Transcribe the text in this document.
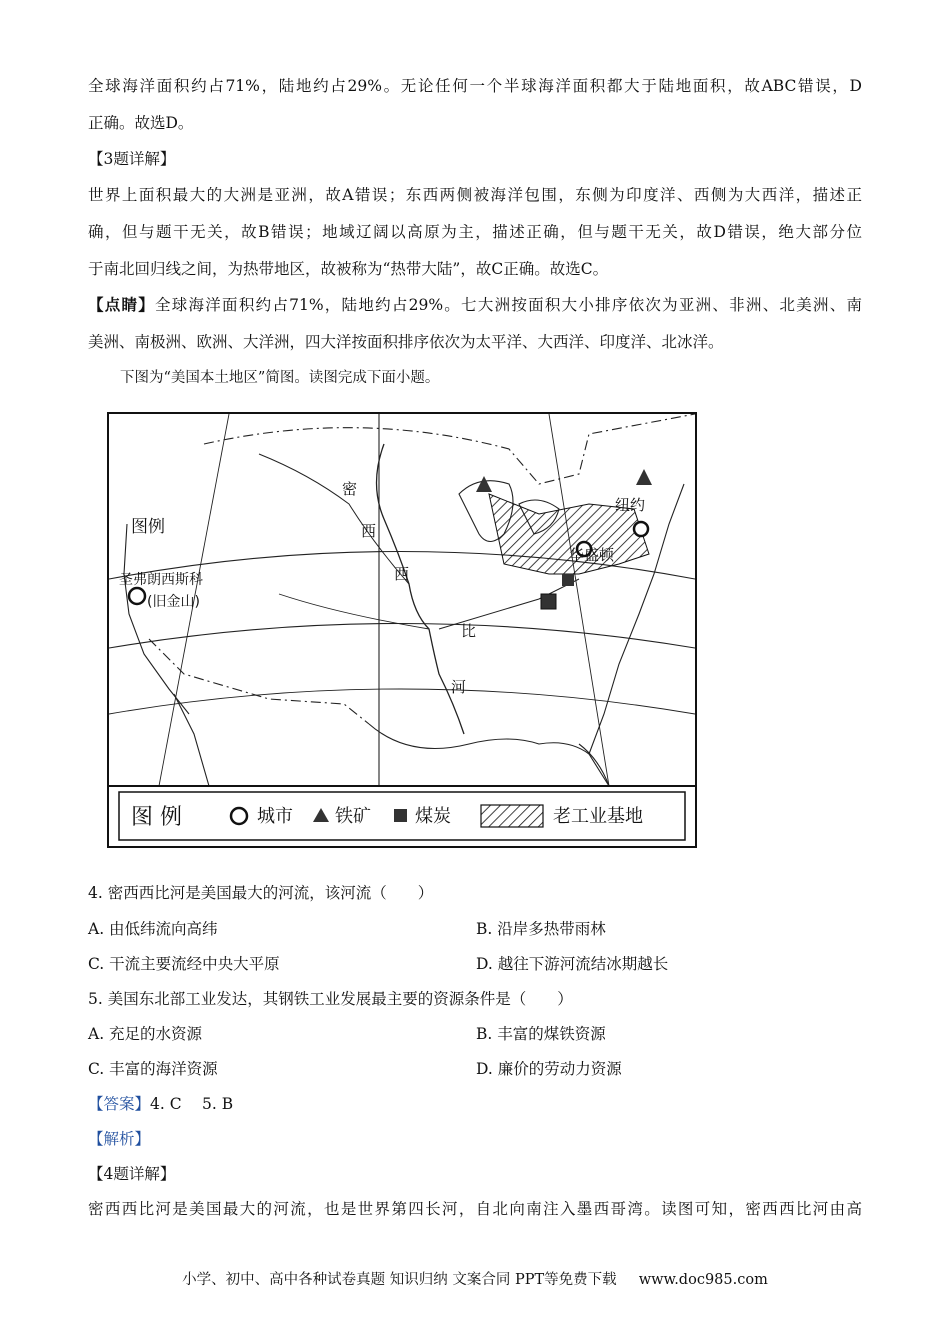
全球海洋面积约占71%，陆地约占29%。无论任何一个半球海洋面积都大于陆地面积，故ABC错误，D
正确。故选D。
【3题详解】
世界上面积最大的大洲是亚洲，故A错误；东西两侧被海洋包围，东侧为印度洋、西侧为大西洋，描述正
确，但与题干无关，故B错误；地域辽阔以高原为主，描述正确，但与题干无关，故D错误，绝大部分位
于南北回归线之间，为热带地区，故被称为“热带大陆”，故C正确。故选C。
【点睛】全球海洋面积约占71%，陆地约占29%。七大洲按面积大小排序依次为亚洲、非洲、北美洲、南
美洲、南极洲、欧洲、大洋洲，四大洋按面积排序依次为太平洋、大西洋、印度洋、北冰洋。
下图为“美国本土地区”简图。读图完成下面小题。
图例
圣弗朗西斯科
(旧金山)
纽约
华盛顿
密
西
西
比
河
图 例	城市 铁矿 煤炭	老工业基地
4. 密西西比河是美国最大的河流，该河流（　　）
A. 由低纬流向高纬	B. 沿岸多热带雨林
C. 干流主要流经中央大平原	D. 越往下游河流结冰期越长
5. 美国东北部工业发达，其钢铁工业发展最主要的资源条件是（　　）
A. 充足的水资源	B. 丰富的煤铁资源
C. 丰富的海洋资源	D. 廉价的劳动力资源
【答案】4. C　 5. B
【解析】
【4题详解】
密西西比河是美国最大的河流，也是世界第四长河，自北向南注入墨西哥湾。读图可知，密西西比河由高
小学、初中、高中各种试卷真题 知识归纳 文案合同 PPT等免费下载 www.doc985.com
